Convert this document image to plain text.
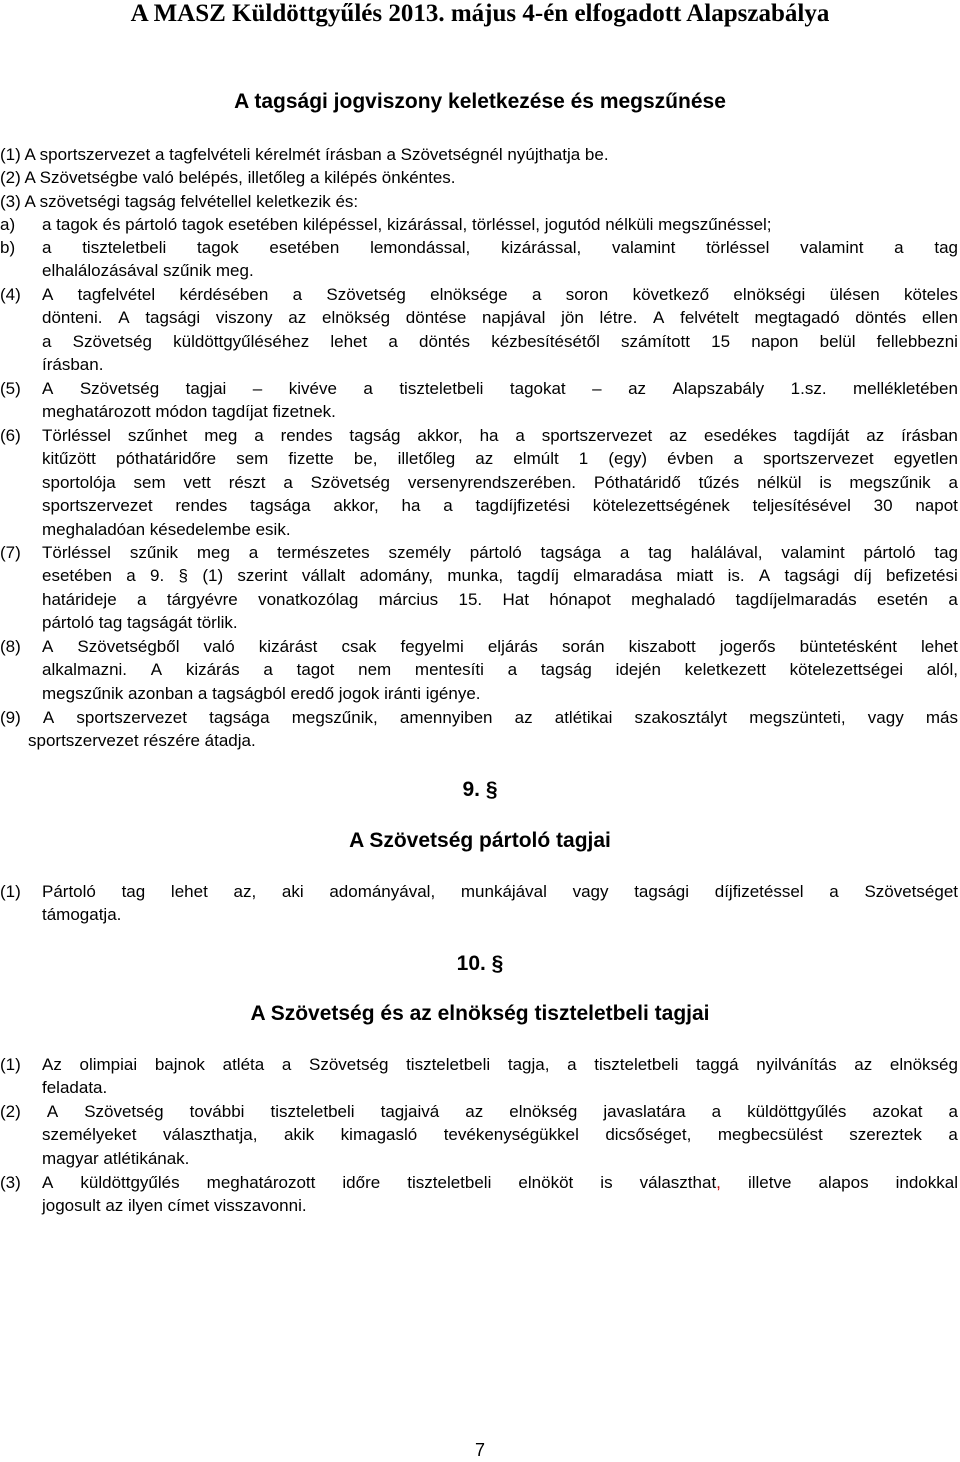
A MASZ Küldöttgyűlés 2013. május 4-én elfogadott Alapszabálya
A tagsági jogviszony keletkezése és megszűnése
(1) A sportszervezet a tagfelvételi kérelmét írásban a Szövetségnél nyújthatja be.
(2) A Szövetségbe való belépés, illetőleg a kilépés önkéntes.
(3) A szövetségi tagság felvétellel keletkezik és:
a) a tagok és pártoló tagok esetében kilépéssel, kizárással, törléssel, jogutód nélküli megszűnéssel;
b) a tiszteletbeli tagok esetében lemondással, kizárással, valamint törléssel valamint a tag
elhalálozásával szűnik meg.
(4) A tagfelvétel kérdésében a Szövetség elnöksége a soron következő elnökségi ülésen köteles
dönteni. A tagsági viszony az elnökség döntése napjával jön létre. A felvételt megtagadó döntés ellen
a Szövetség küldöttgyűléséhez lehet a döntés kézbesítésétől számított 15 napon belül fellebbezni
írásban.
(5) A Szövetség tagjai – kivéve a tiszteletbeli tagokat – az Alapszabály 1.sz. mellékletében
meghatározott módon tagdíjat fizetnek.
(6) Törléssel szűnhet meg a rendes tagság akkor, ha a sportszervezet az esedékes tagdíját az írásban
kitűzött póthatáridőre sem fizette be, illetőleg az elmúlt 1 (egy) évben a sportszervezet egyetlen
sportolója sem vett részt a Szövetség versenyrendszerében. Póthatáridő tűzés nélkül is megszűnik a
sportszervezet rendes tagsága akkor, ha a tagdíjfizetési kötelezettségének teljesítésével 30 napot
meghaladóan késedelembe esik.
(7) Törléssel szűnik meg a természetes személy pártoló tagsága a tag halálával, valamint pártoló tag
esetében a 9. § (1) szerint vállalt adomány, munka, tagdíj elmaradása miatt is. A tagsági díj befizetési
határideje a tárgyévre vonatkozólag március 15. Hat hónapot meghaladó tagdíjelmaradás esetén a
pártoló tag tagságát törlik.
(8) A Szövetségből való kizárást csak fegyelmi eljárás során kiszabott jogerős büntetésként lehet
alkalmazni. A kizárás a tagot nem mentesíti a tagság idején keletkezett kötelezettségei alól,
megszűnik azonban a tagságból eredő jogok iránti igénye.
(9) A sportszervezet tagsága megszűnik, amennyiben az atlétikai szakosztályt megszünteti, vagy más
sportszervezet részére átadja.
9. §
A Szövetség pártoló tagjai
(1) Pártoló tag lehet az, aki adományával, munkájával vagy tagsági díjfizetéssel a Szövetséget
támogatja.
10. §
A Szövetség és az elnökség tiszteletbeli tagjai
(1) Az olimpiai bajnok atléta a Szövetség tiszteletbeli tagja, a tiszteletbeli taggá nyilvánítás az elnökség
feladata.
(2) A Szövetség további tiszteletbeli tagjaivá az elnökség javaslatára a küldöttgyűlés azokat a
személyeket választhatja, akik kimagasló tevékenységükkel dicsőséget, megbecsülést szereztek a
magyar atlétikának.
(3) A küldöttgyűlés meghatározott időre tiszteletbeli elnököt is választhat, illetve alapos indokkal
jogosult az ilyen címet visszavonni.
7
